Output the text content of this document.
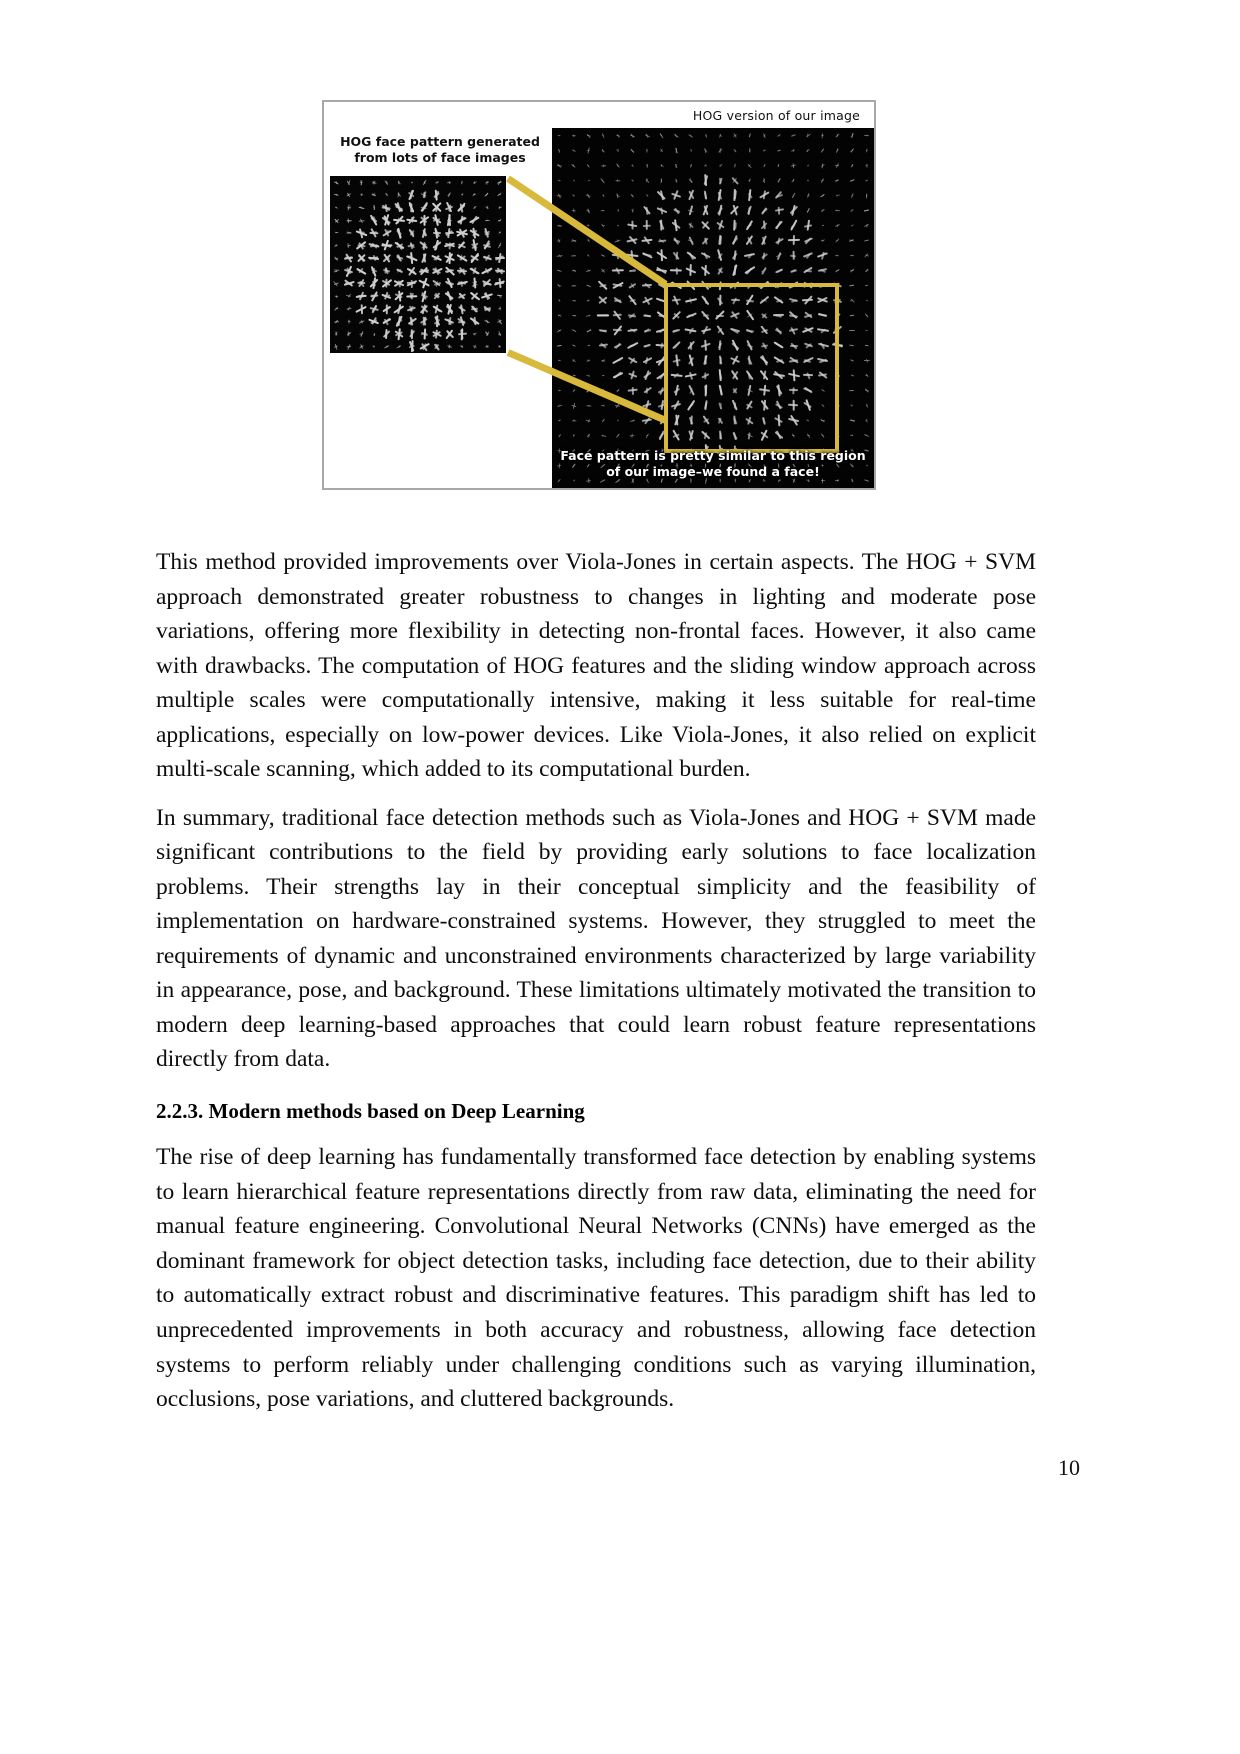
HOG version of our image
HOG face pattern generated from lots of face images
Face pattern is pretty similar to this region of our image–we found a face!

This method provided improvements over Viola-Jones in certain aspects. The HOG + SVM approach demonstrated greater robustness to changes in lighting and moderate pose variations, offering more flexibility in detecting non-frontal faces. However, it also came with drawbacks. The computation of HOG features and the sliding window approach across multiple scales were computationally intensive, making it less suitable for real-time applications, especially on low-power devices. Like Viola-Jones, it also relied on explicit multi-scale scanning, which added to its computational burden.

In summary, traditional face detection methods such as Viola-Jones and HOG + SVM made significant contributions to the field by providing early solutions to face localization problems. Their strengths lay in their conceptual simplicity and the feasibility of implementation on hardware-constrained systems. However, they struggled to meet the requirements of dynamic and unconstrained environments characterized by large variability in appearance, pose, and background. These limitations ultimately motivated the transition to modern deep learning-based approaches that could learn robust feature representations directly from data.

2.2.3. Modern methods based on Deep Learning

The rise of deep learning has fundamentally transformed face detection by enabling systems to learn hierarchical feature representations directly from raw data, eliminating the need for manual feature engineering. Convolutional Neural Networks (CNNs) have emerged as the dominant framework for object detection tasks, including face detection, due to their ability to automatically extract robust and discriminative features. This paradigm shift has led to unprecedented improvements in both accuracy and robustness, allowing face detection systems to perform reliably under challenging conditions such as varying illumination, occlusions, pose variations, and cluttered backgrounds.

10
